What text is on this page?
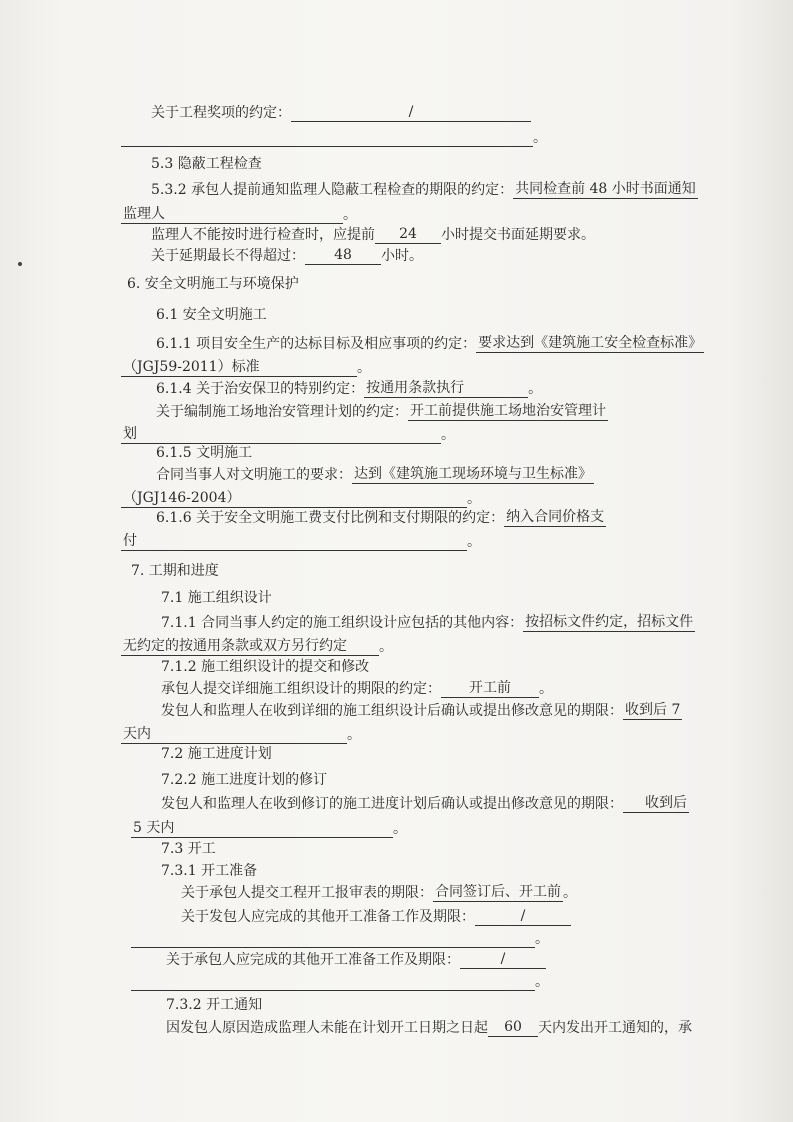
关于工程奖项的约定：	/
。
5.3 隐蔽工程检查
5.3.2 承包人提前通知监理人隐蔽工程检查的期限的约定： 共同检查前 48 小时书面通知
监理人	。
监理人不能按时进行检查时，应提前 24 小时提交书面延期要求。
关于延期最长不得超过： 48 小时。
6. 安全文明施工与环境保护
6.1 安全文明施工
6.1.1 项目安全生产的达标目标及相应事项的约定： 要求达到《建筑施工安全检查标准》
（JGJ59-2011）标准	。
6.1.4 关于治安保卫的特别约定： 按通用条款执行	。
关于编制施工场地治安管理计划的约定： 开工前提供施工场地治安管理计
划	。
6.1.5 文明施工
合同当事人对文明施工的要求： 达到《建筑施工现场环境与卫生标准》
（JGJ146-2004）	。
6.1.6 关于安全文明施工费支付比例和支付期限的约定： 纳入合同价格支
付	。
7. 工期和进度
7.1 施工组织设计
7.1.1 合同当事人约定的施工组织设计应包括的其他内容： 按招标文件约定，招标文件
无约定的按通用条款或双方另行约定 。
7.1.2 施工组织设计的提交和修改
承包人提交详细施工组织设计的期限的约定： 开工前 。
发包人和监理人在收到详细的施工组织设计后确认或提出修改意见的期限： 收到后 7
天内	。
7.2 施工进度计划
7.2.2 施工进度计划的修订
发包人和监理人在收到修订的施工进度计划后确认或提出修改意见的期限： 收到后
5 天内	。
7.3 开工
7.3.1 开工准备
关于承包人提交工程开工报审表的期限： 合同签订后、开工前 。
关于发包人应完成的其他开工准备工作及期限：	/
。
关于承包人应完成的其他开工准备工作及期限：	/
。
7.3.2 开工通知
因发包人原因造成监理人未能在计划开工日期之日起 60 天内发出开工通知的，承
